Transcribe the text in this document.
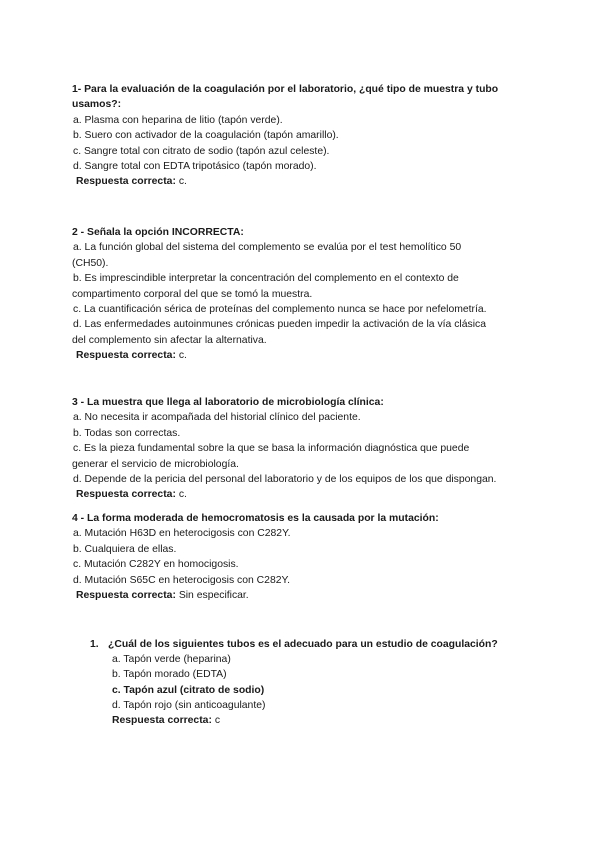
1- Para la evaluación de la coagulación por el laboratorio, ¿qué tipo de muestra y tubo
usamos?:
a. Plasma con heparina de litio (tapón verde).
b. Suero con activador de la coagulación (tapón amarillo).
c. Sangre total con citrato de sodio (tapón azul celeste).
d. Sangre total con EDTA tripotásico (tapón morado).
Respuesta correcta: c.
2 - Señala la opción INCORRECTA:
a. La función global del sistema del complemento se evalúa por el test hemolítico 50
(CH50).
b. Es imprescindible interpretar la concentración del complemento en el contexto de
compartimento corporal del que se tomó la muestra.
c. La cuantificación sérica de proteínas del complemento nunca se hace por nefelometría.
d. Las enfermedades autoinmunes crónicas pueden impedir la activación de la vía clásica
del complemento sin afectar la alternativa.
Respuesta correcta: c.
3 - La muestra que llega al laboratorio de microbiología clínica:
a. No necesita ir acompañada del historial clínico del paciente.
b. Todas son correctas.
c. Es la pieza fundamental sobre la que se basa la información diagnóstica que puede
generar el servicio de microbiología.
d. Depende de la pericia del personal del laboratorio y de los equipos de los que dispongan.
Respuesta correcta: c.
4 - La forma moderada de hemocromatosis es la causada por la mutación:
a. Mutación H63D en heterocigosis con C282Y.
b. Cualquiera de ellas.
c. Mutación C282Y en homocigosis.
d. Mutación S65C en heterocigosis con C282Y.
Respuesta correcta: Sin especificar.
1. ¿Cuál de los siguientes tubos es el adecuado para un estudio de coagulación?
a. Tapón verde (heparina)
b. Tapón morado (EDTA)
c. Tapón azul (citrato de sodio)
d. Tapón rojo (sin anticoagulante)
Respuesta correcta: c
